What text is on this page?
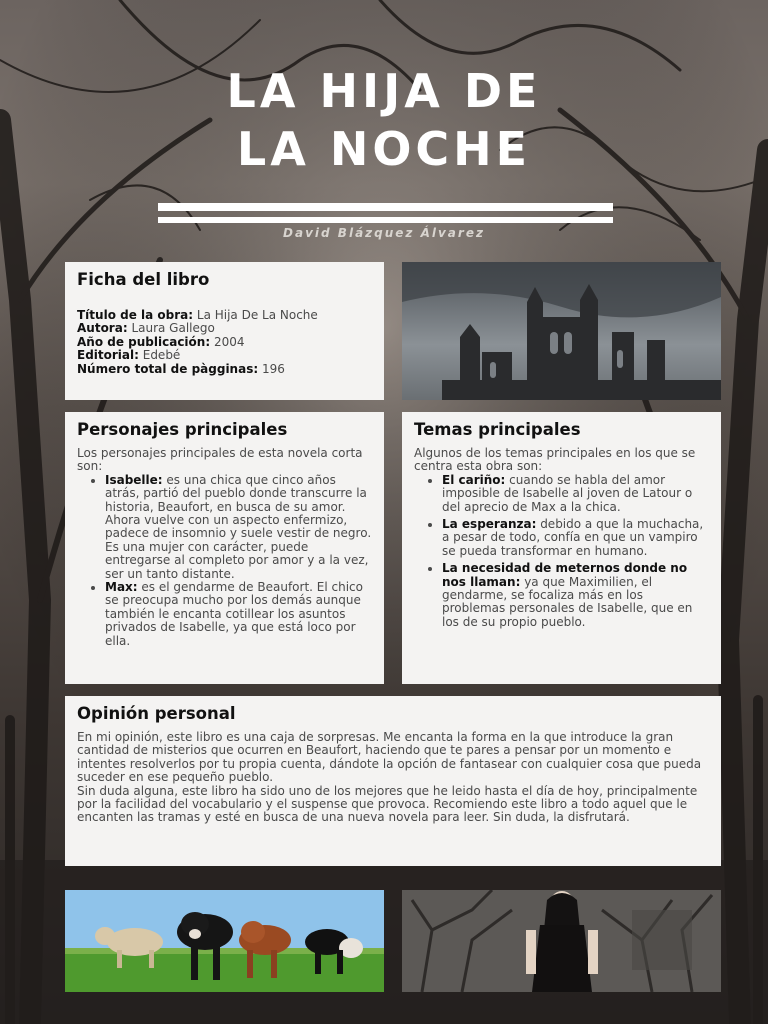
LA HIJA DE LA NOCHE
David Blázquez Álvarez
Ficha del libro

Título de la obra: La Hija De La Noche

Autora: Laura Gallego

Año de publicación: 2004

Editorial: Edebé

Número total de pàgginas: 196

Personajes principales

Los personajes principales de esta novela corta son:

• Isabelle: es una chica que cinco años atrás, partió del pueblo donde transcurre la historia, Beaufort, en busca de su amor. Ahora vuelve con un aspecto enfermizo, padece de insomnio y suele vestir de negro. Es una mujer con carácter, puede entregarse al completo por amor y a la vez, ser un tanto distante.
• Max: es el gendarme de Beaufort. El chico se preocupa mucho por los demás aunque también le encanta cotillear los asuntos privados de Isabelle, ya que está loco por ella.
Temas principales

Algunos de los temas principales en los que se centra esta obra son:

• El cariño: cuando se habla del amor imposible de Isabelle al joven de Latour o del aprecio de Max a la chica.
• La esperanza: debido a que la muchacha, a pesar de todo, confía en que un vampiro se pueda transformar en humano.
• La necesidad de meternos donde no nos llaman: ya que Maximilien, el gendarme, se focaliza más en los problemas personales de Isabelle, que en los de su propio pueblo.
Opinión personal

En mi opinión, este libro es una caja de sorpresas. Me encanta la forma en la que introduce la gran cantidad de misterios que ocurren en Beaufort, haciendo que te pares a pensar por un momento e intentes resolverlos por tu propia cuenta, dándote la opción de fantasear con cualquier cosa que pueda suceder en ese pequeño pueblo.

Sin duda alguna, este libro ha sido uno de los mejores que he leido hasta el día de hoy, principalmente por la facilidad del vocabulario y el suspense que provoca. Recomiendo este libro a todo aquel que le encanten las tramas y esté en busca de una nueva novela para leer. Sin duda, la disfrutará.
